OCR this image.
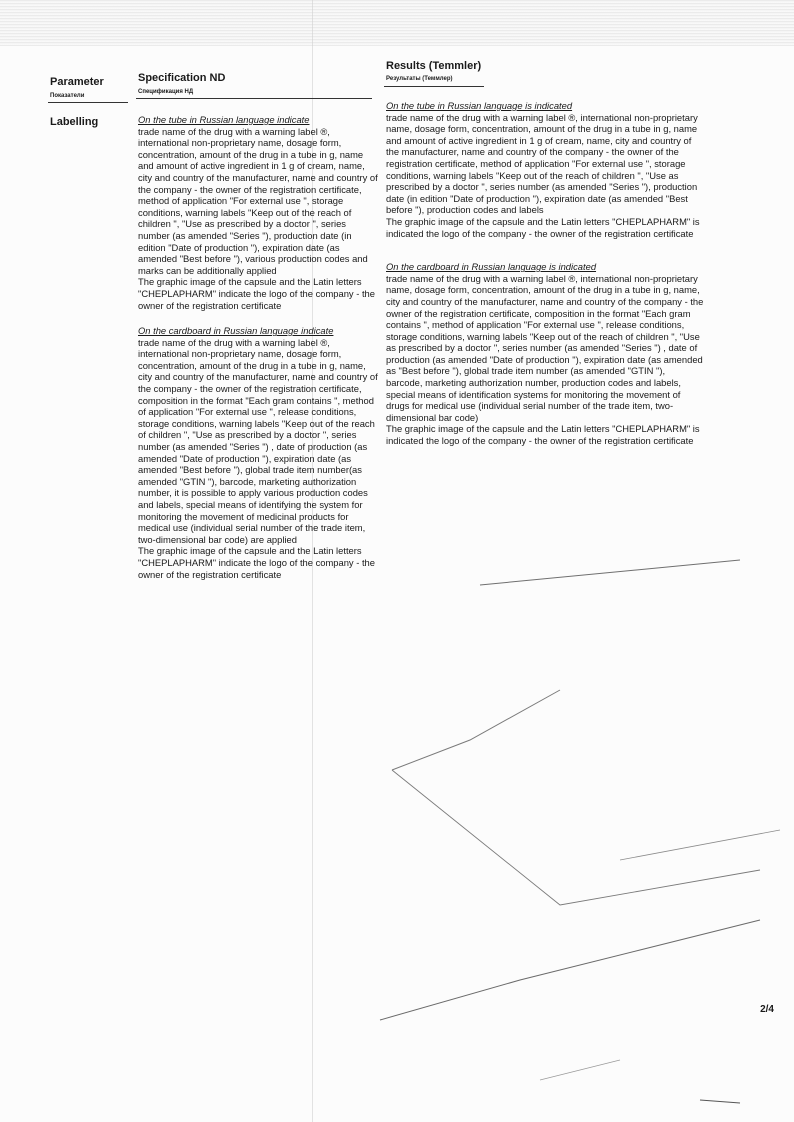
Parameter
Показатели
Specification ND
Спецификация НД
Results (Temmler)
Результаты (Теммлер)
Labelling	On the tube in Russian language indicate
trade name of the drug with a warning label ®, international non-proprietary name, dosage form, concentration, amount of the drug in a tube in g, name and amount of active ingredient in 1 g of cream, name, city and country of the manufacturer, name and country of the company - the owner of the registration certificate, method of application "For external use ", storage conditions, warning labels "Keep out of the reach of children ", "Use as prescribed by a doctor ", series number (as amended "Series "), production date (in edition "Date of production "), expiration date (as amended "Best before "), various production codes and marks can be additionally applied
The graphic image of the capsule and the Latin letters "CHEPLAPHARM" indicate the logo of the company - the owner of the registration certificate

On the cardboard in Russian language indicate
trade name of the drug with a warning label ®, international non-proprietary name, dosage form, concentration, amount of the drug in a tube in g, name, city and country of the manufacturer, name and country of the company - the owner of the registration certificate, composition in the format "Each gram contains ", method of application "For external use ", release conditions, storage conditions, warning labels "Keep out of the reach of children ", "Use as prescribed by a doctor ", series number (as amended "Series ") , date of production (as amended "Date of production "), expiration date (as amended "Best before "), global trade item number(as amended "GTIN "), barcode, marketing authorization number, it is possible to apply various production codes and labels, special means of identifying the system for monitoring the movement of medicinal products for medical use (individual serial number of the trade item, two-dimensional bar code) are applied
The graphic image of the capsule and the Latin letters "CHEPLAPHARM" indicate the logo of the company - the owner of the registration certificate

On the tube in Russian language is indicated
trade name of the drug with a warning label ®, international non-proprietary name, dosage form, concentration, amount of the drug in a tube in g, name and amount of active ingredient in 1 g of cream, name, city and country of the manufacturer, name and country of the company - the owner of the registration certificate, method of application "For external use ", storage conditions, warning labels "Keep out of the reach of children ", "Use as prescribed by a doctor ", series number (as amended "Series "), production date (in edition "Date of production "), expiration date (as amended "Best before "), production codes and labels
The graphic image of the capsule and the Latin letters "CHEPLAPHARM" is indicated the logo of the company - the owner of the registration certificate

On the cardboard in Russian language is indicated
trade name of the drug with a warning label ®, international non-proprietary name, dosage form, concentration, amount of the drug in a tube in g, name, city and country of the manufacturer, name and country of the company - the owner of the registration certificate, composition in the format "Each gram contains ", method of application "For external use ", release conditions, storage conditions, warning labels "Keep out of the reach of children ", "Use as prescribed by a doctor ", series number (as amended "Series ") , date of production (as amended "Date of production "), expiration date (as amended as "Best before "), global trade item number (as amended "GTIN "), barcode, marketing authorization number, production codes and labels, special means of identification systems for monitoring the movement of drugs for medical use (individual serial number of the trade item, two-dimensional bar code)
The graphic image of the capsule and the Latin letters "CHEPLAPHARM" is indicated the logo of the company - the owner of the registration certificate

2/4
